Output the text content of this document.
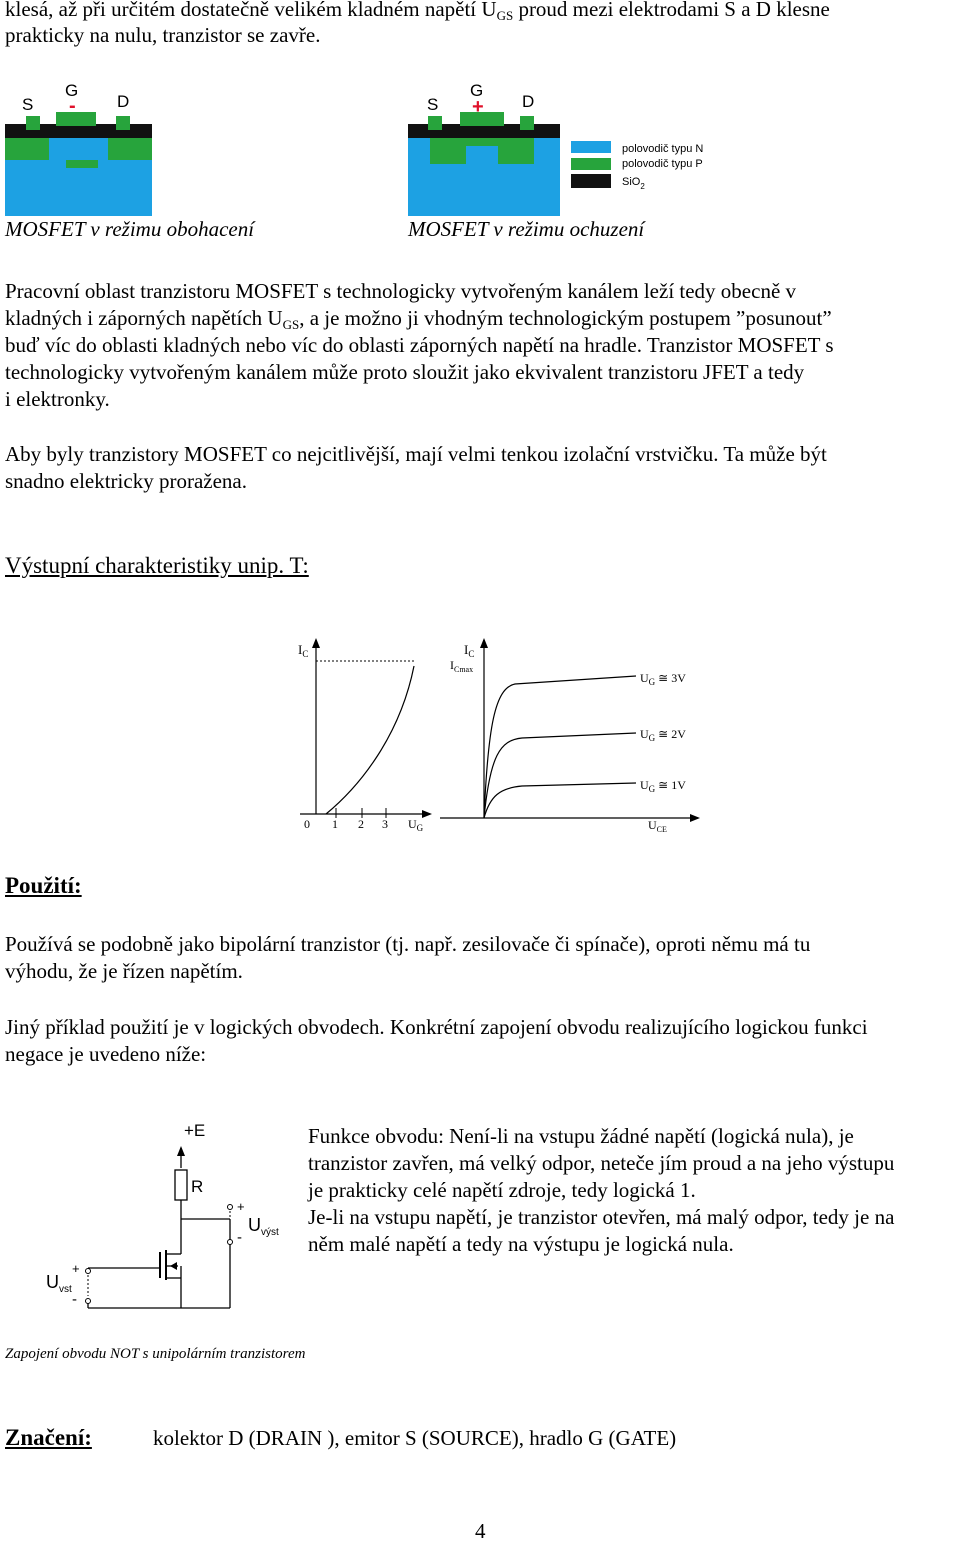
klesá, až při určitém dostatečně velikém kladném napětí $U_{GS}$ proud mezi elektrodami S a D klesne
prakticky na nulu, tranzistor se zavře.
S
G
D
-	S
G
D
+
polovodič typu N
polovodič typu P
SiO$_2$
MOSFET v režimu obohacení	MOSFET v režimu ochuzení
Pracovní oblast tranzistoru MOSFET s technologicky vytvořeným kanálem leží tedy obecně v
kladných i záporných napětích $U_{GS}$, a je možno ji vhodným technologickým postupem ”posunout”
buď víc do oblasti kladných nebo víc do oblasti záporných napětí na hradle. Tranzistor MOSFET s
technologicky vytvořeným kanálem může proto sloužit jako ekvivalent tranzistoru JFET a tedy
i elektronky.
Aby byly tranzistory MOSFET co nejcitlivější, mají velmi tenkou izolační vrstvičku. Ta může být
snadno elektricky proražena.
Výstupní charakteristiky unip. T:
$I_C$
0 1 2 3 $U_G$
$I_C$
$I_{Cmax}$
$U_G$ ≅ 3V
$U_G$ ≅ 2V
$U_G$ ≅ 1V
$U_{CE}$
Použití:
Používá se podobně jako bipolární tranzistor (tj. např. zesilovače či spínače), oproti němu má tu
výhodu, že je řízen napětím.
Jiný příklad použití je v logických obvodech. Konkrétní zapojení obvodu realizujícího logickou funkci
negace je uvedeno níže:
+E
R
+
-
$U_{výst}$
+
-
$U_{vst}$
Funkce obvodu: Není-li na vstupu žádné napětí (logická nula), je
tranzistor zavřen, má velký odpor, neteče jím proud a na jeho výstupu
je prakticky celé napětí zdroje, tedy logická 1.
Je-li na vstupu napětí, je tranzistor otevřen, má malý odpor, tedy je na
něm malé napětí a tedy na výstupu je logická nula.
Zapojení obvodu NOT s unipolárním tranzistorem
Značení:	kolektor D (DRAIN ), emitor S (SOURCE), hradlo G (GATE)
4
